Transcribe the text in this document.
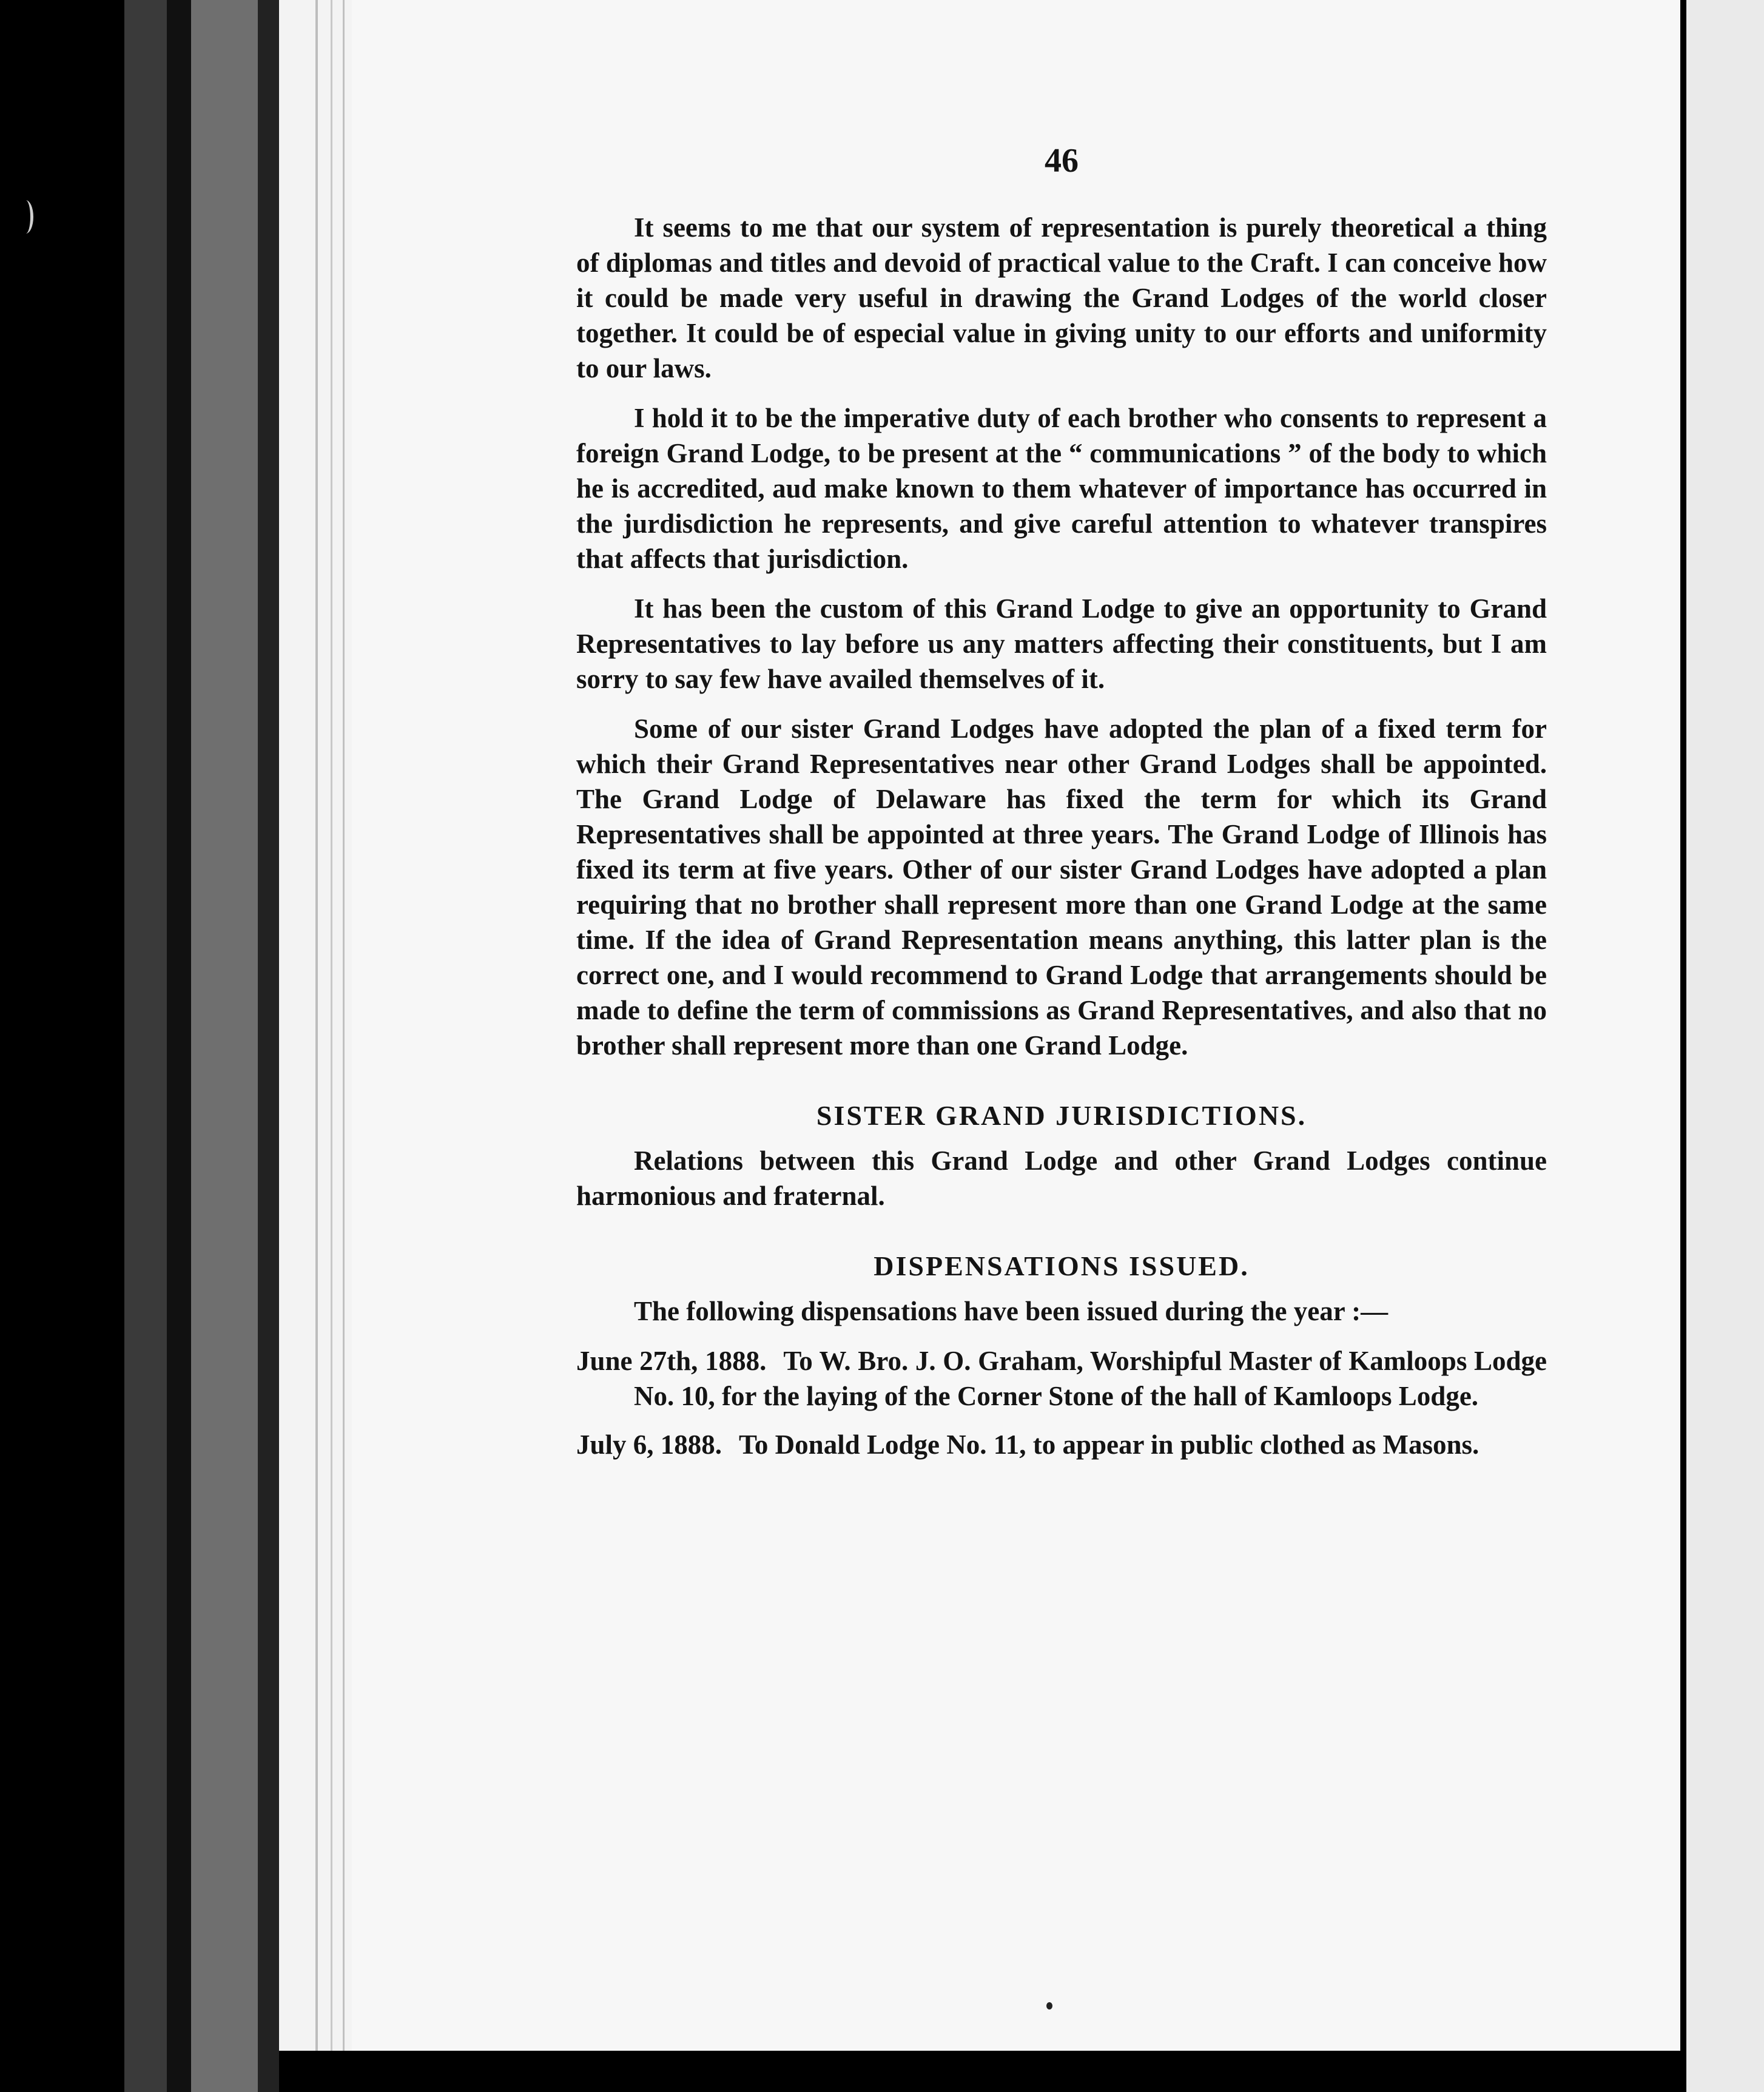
46

It seems to me that our system of representation is purely theoretical a thing of diplomas and titles and devoid of practical value to the Craft. I can conceive how it could be made very useful in drawing the Grand Lodges of the world closer together. It could be of especial value in giving unity to our efforts and uniformity to our laws.

I hold it to be the imperative duty of each brother who consents to represent a foreign Grand Lodge, to be present at the “ communications ” of the body to which he is accredited, aud make known to them whatever of importance has occurred in the jurdisdiction he represents, and give careful attention to whatever transpires that affects that jurisdiction.

It has been the custom of this Grand Lodge to give an opportunity to Grand Representatives to lay before us any matters affecting their constituents, but I am sorry to say few have availed themselves of it.

Some of our sister Grand Lodges have adopted the plan of a fixed term for which their Grand Representatives near other Grand Lodges shall be appointed. The Grand Lodge of Delaware has fixed the term for which its Grand Representatives shall be appointed at three years. The Grand Lodge of Illinois has fixed its term at five years. Other of our sister Grand Lodges have adopted a plan requiring that no brother shall represent more than one Grand Lodge at the same time. If the idea of Grand Representation means anything, this latter plan is the correct one, and I would recommend to Grand Lodge that arrangements should be made to define the term of commissions as Grand Representatives, and also that no brother shall represent more than one Grand Lodge.

SISTER GRAND JURISDICTIONS.

Relations between this Grand Lodge and other Grand Lodges continue harmonious and fraternal.

DISPENSATIONS ISSUED.

The following dispensations have been issued during the year :—

June 27th, 1888. To W. Bro. J. O. Graham, Worshipful Master of Kamloops Lodge No. 10, for the laying of the Corner Stone of the hall of Kamloops Lodge.

July 6, 1888. To Donald Lodge No. 11, to appear in public clothed as Masons.
